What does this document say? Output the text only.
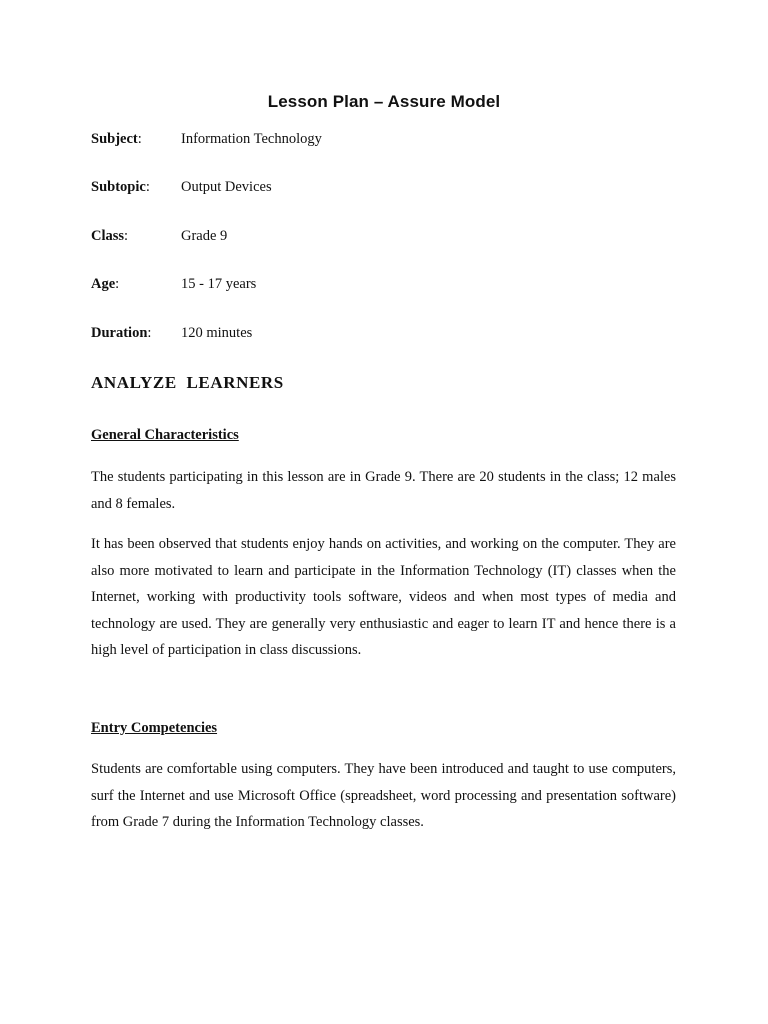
Lesson Plan – Assure Model
Subject:	Information Technology
Subtopic: Output Devices
Class:	Grade 9
Age:	15 - 17 years
Duration: 120 minutes
ANALYZE  LEARNERS
General Characteristics

The students participating in this lesson are in Grade 9. There are 20 students in the class; 12 males and 8 females.

It has been observed that students enjoy hands on activities, and working on the computer. They are also more motivated to learn and participate in the Information Technology (IT) classes when the Internet, working with productivity tools software, videos and when most types of media and technology are used. They are generally very enthusiastic and eager to learn IT and hence there is a high level of participation in class discussions.

Entry Competencies

Students are comfortable using computers. They have been introduced and taught to use computers, surf the Internet and use Microsoft Office (spreadsheet, word processing and presentation software) from Grade 7 during the Information Technology classes.
